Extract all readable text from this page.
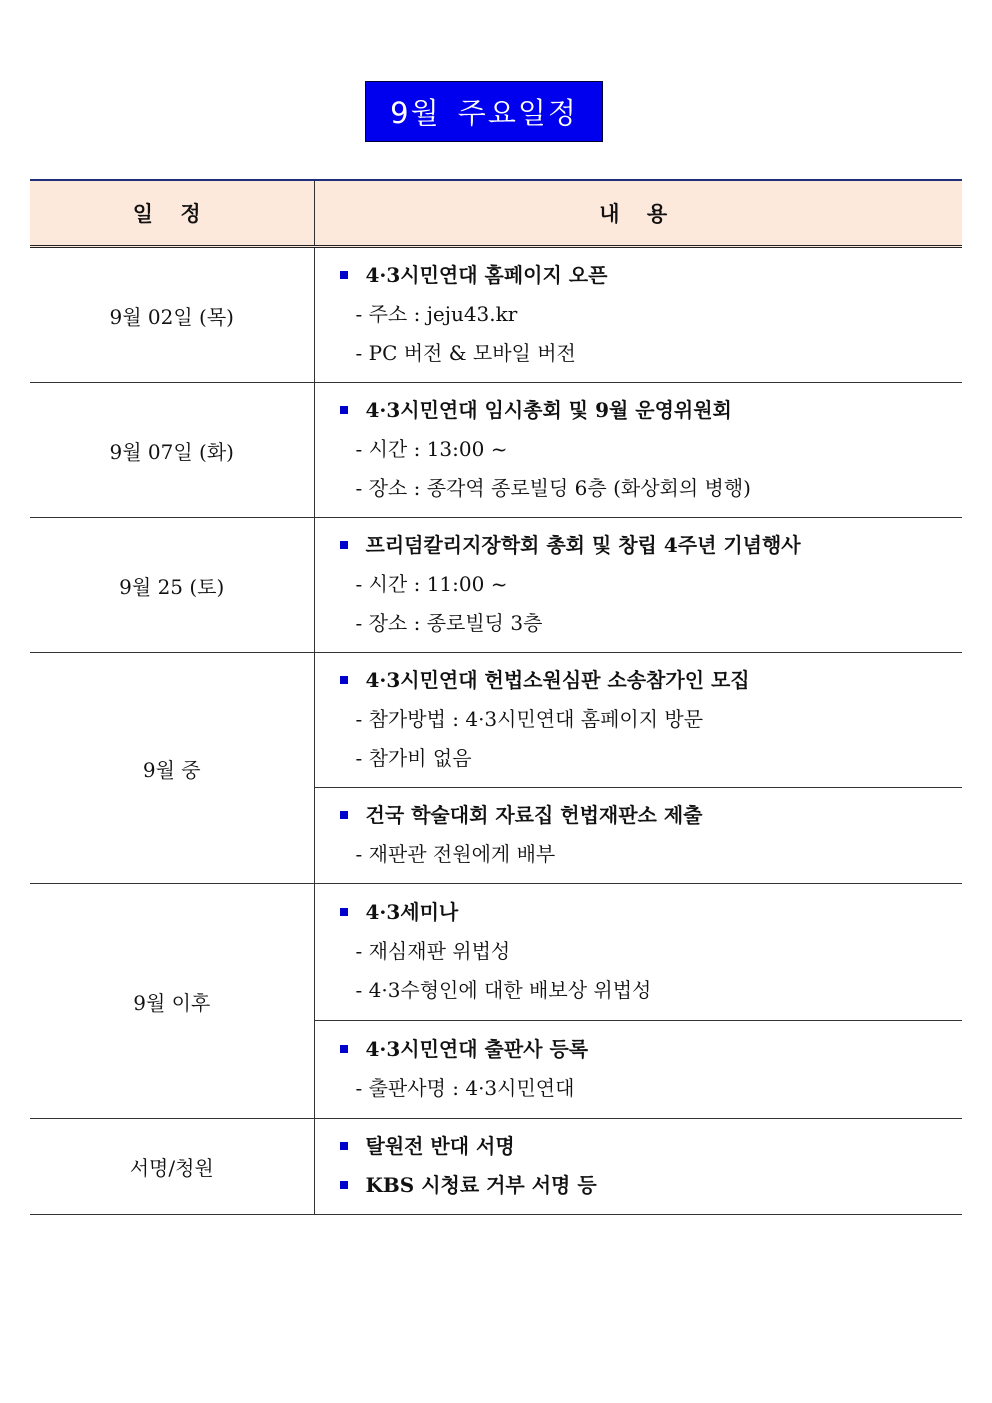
9월 주요일정
일 정	내 용
9월 02일 (목)	4·3시민연대 홈페이지 오픈
- 주소 : jeju43.kr
- PC 버전 & 모바일 버전

9월 07일 (화)	4·3시민연대 임시총회 및 9월 운영위원회
- 시간 : 13:00 ~
- 장소 : 종각역 종로빌딩 6층 (화상회의 병행)

9월 25 (토)	프리덤칼리지장학회 총회 및 창립 4주년 기념행사
- 시간 : 11:00 ~
- 장소 : 종로빌딩 3층

9월 중	4·3시민연대 헌법소원심판 소송참가인 모집
- 참가방법 : 4·3시민연대 홈페이지 방문
- 참가비 없음

	건국 학술대회 자료집 헌법재판소 제출
- 재판관 전원에게 배부

9월 이후	4·3세미나
- 재심재판 위법성
- 4·3수형인에 대한 배보상 위법성

	4·3시민연대 출판사 등록
- 출판사명 : 4·3시민연대

서명/청원	탈원전 반대 서명
KBS 시청료 거부 서명 등
